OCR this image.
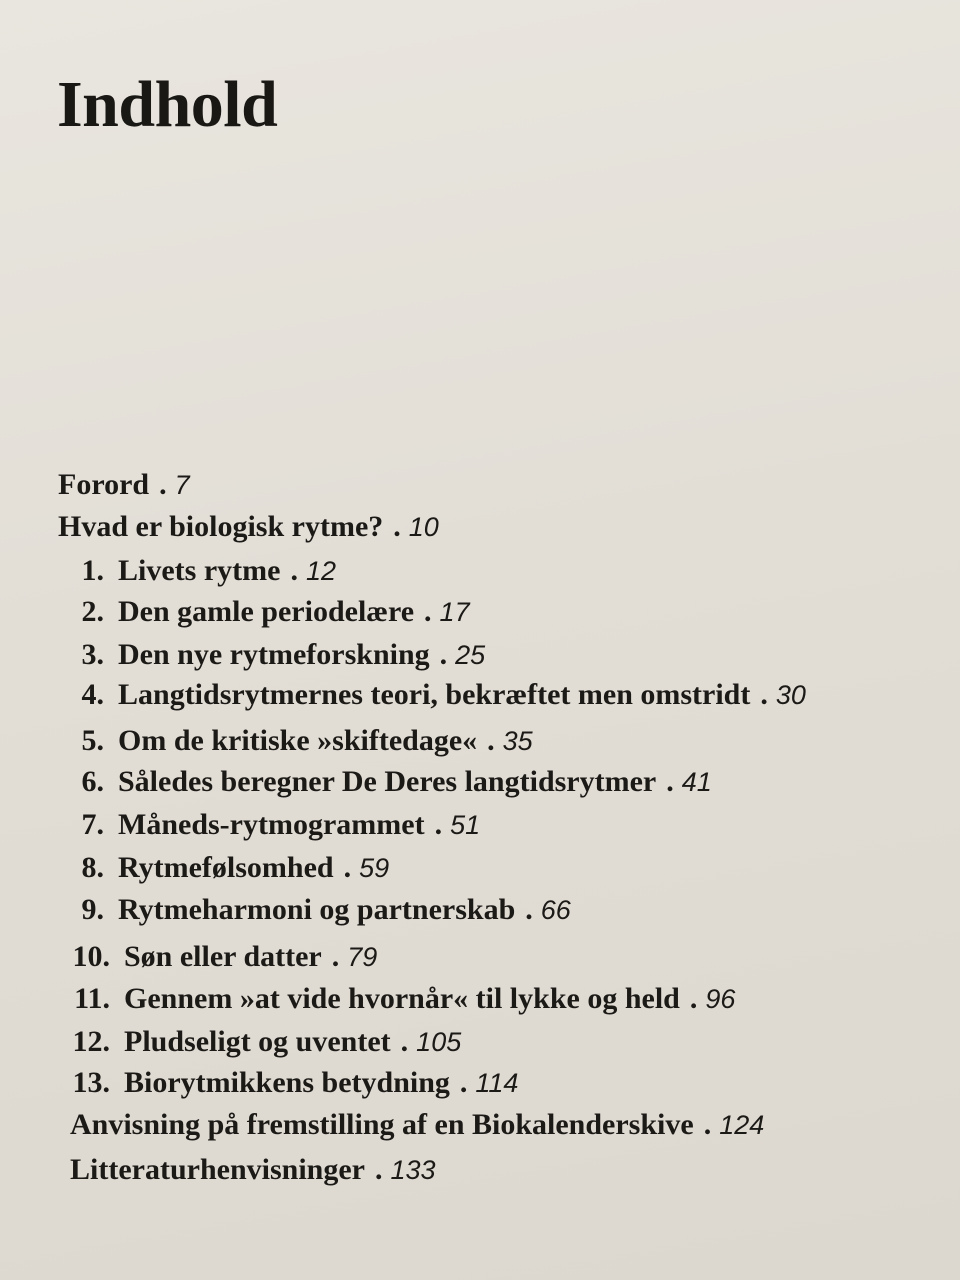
Indhold
Forord . 7
Hvad er biologisk rytme? . 10
1. Livets rytme . 12
2. Den gamle periodelære . 17
3. Den nye rytmeforskning . 25
4. Langtidsrytmernes teori, bekræftet men omstridt . 30
5. Om de kritiske »skiftedage« . 35
6. Således beregner De Deres langtidsrytmer . 41
7. Måneds-rytmogrammet . 51
8. Rytmefølsomhed . 59
9. Rytmeharmoni og partnerskab . 66
10. Søn eller datter . 79
11. Gennem »at vide hvornår« til lykke og held . 96
12. Pludseligt og uventet . 105
13. Biorytmikkens betydning . 114
Anvisning på fremstilling af en Biokalenderskive . 124
Litteraturhenvisninger . 133
